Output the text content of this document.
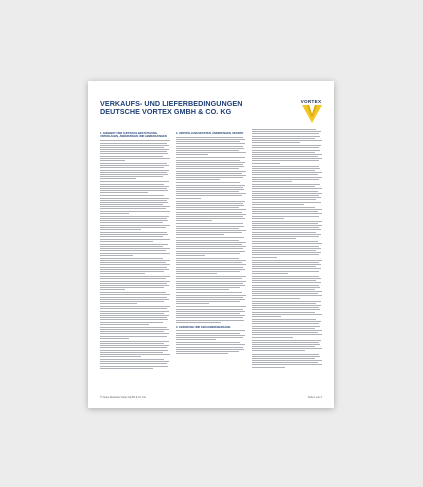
VERKAUFS- UND LIEFERBEDINGUNGEN
DEUTSCHE VORTEX GMBH & CO. KG
VORTEX
1. ANGEBOT UND AUFTRAGS-BESTÄTIGUNG, UNTERLAGEN, ÄNDERUNGEN UND ABWEICHUNGEN
2. VERSTELLUNGSKOSTEN, ÄNDERUNGEN, SKONTO
3. LIEFERUNG UND GEFAHRENÜBERGANG
© Vortex Deutsche Vortex GmbH & Co. KG	Seite 1 von 2
